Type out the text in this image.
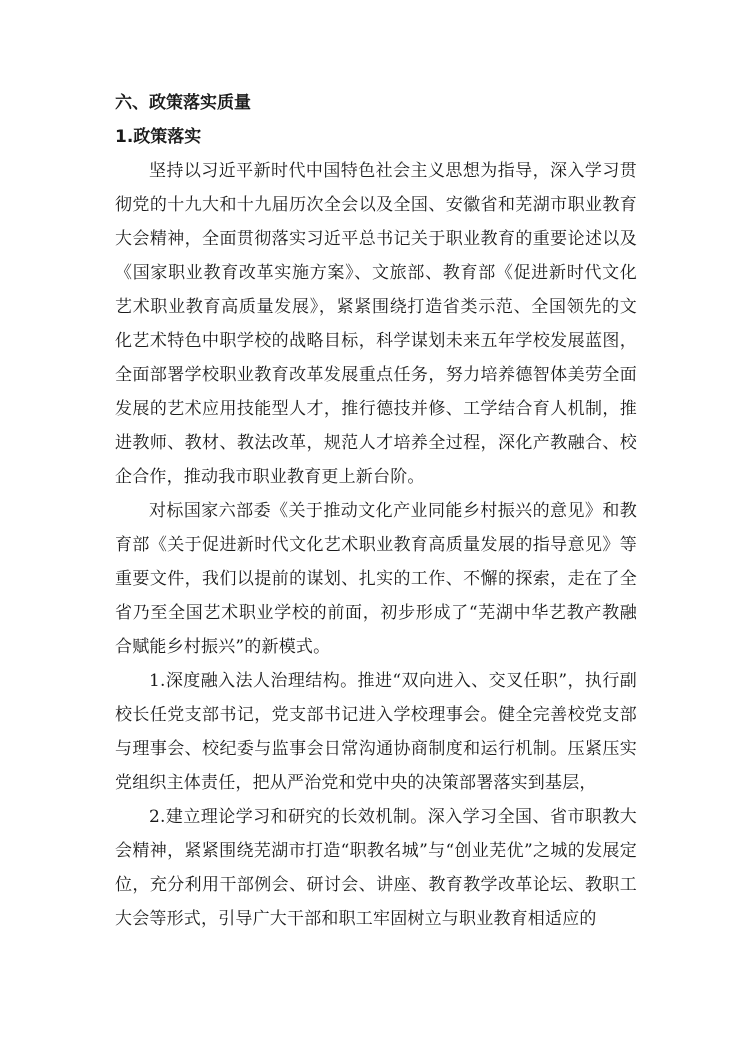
六、政策落实质量
1.政策落实

坚持以习近平新时代中国特色社会主义思想为指导，深入学习贯彻党的十九大和十九届历次全会以及全国、安徽省和芜湖市职业教育大会精神，全面贯彻落实习近平总书记关于职业教育的重要论述以及《国家职业教育改革实施方案》、文旅部、教育部《促进新时代文化艺术职业教育高质量发展》，紧紧围绕打造省类示范、全国领先的文化艺术特色中职学校的战略目标，科学谋划未来五年学校发展蓝图，全面部署学校职业教育改革发展重点任务，努力培养德智体美劳全面发展的艺术应用技能型人才，推行德技并修、工学结合育人机制，推进教师、教材、教法改革，规范人才培养全过程，深化产教融合、校企合作，推动我市职业教育更上新台阶。

对标国家六部委《关于推动文化产业同能乡村振兴的意见》和教育部《关于促进新时代文化艺术职业教育高质量发展的指导意见》等重要文件，我们以提前的谋划、扎实的工作、不懈的探索，走在了全省乃至全国艺术职业学校的前面，初步形成了“芜湖中华艺教产教融合赋能乡村振兴”的新模式。

1.深度融入法人治理结构。推进“双向进入、交叉任职”，执行副校长任党支部书记，党支部书记进入学校理事会。健全完善校党支部与理事会、校纪委与监事会日常沟通协商制度和运行机制。压紧压实党组织主体责任，把从严治党和党中央的决策部署落实到基层，

2.建立理论学习和研究的长效机制。深入学习全国、省市职教大会精神，紧紧围绕芜湖市打造“职教名城”与“创业芜优”之城的发展定位，充分利用干部例会、研讨会、讲座、教育教学改革论坛、教职工大会等形式，引导广大干部和职工牢固树立与职业教育相适应的
